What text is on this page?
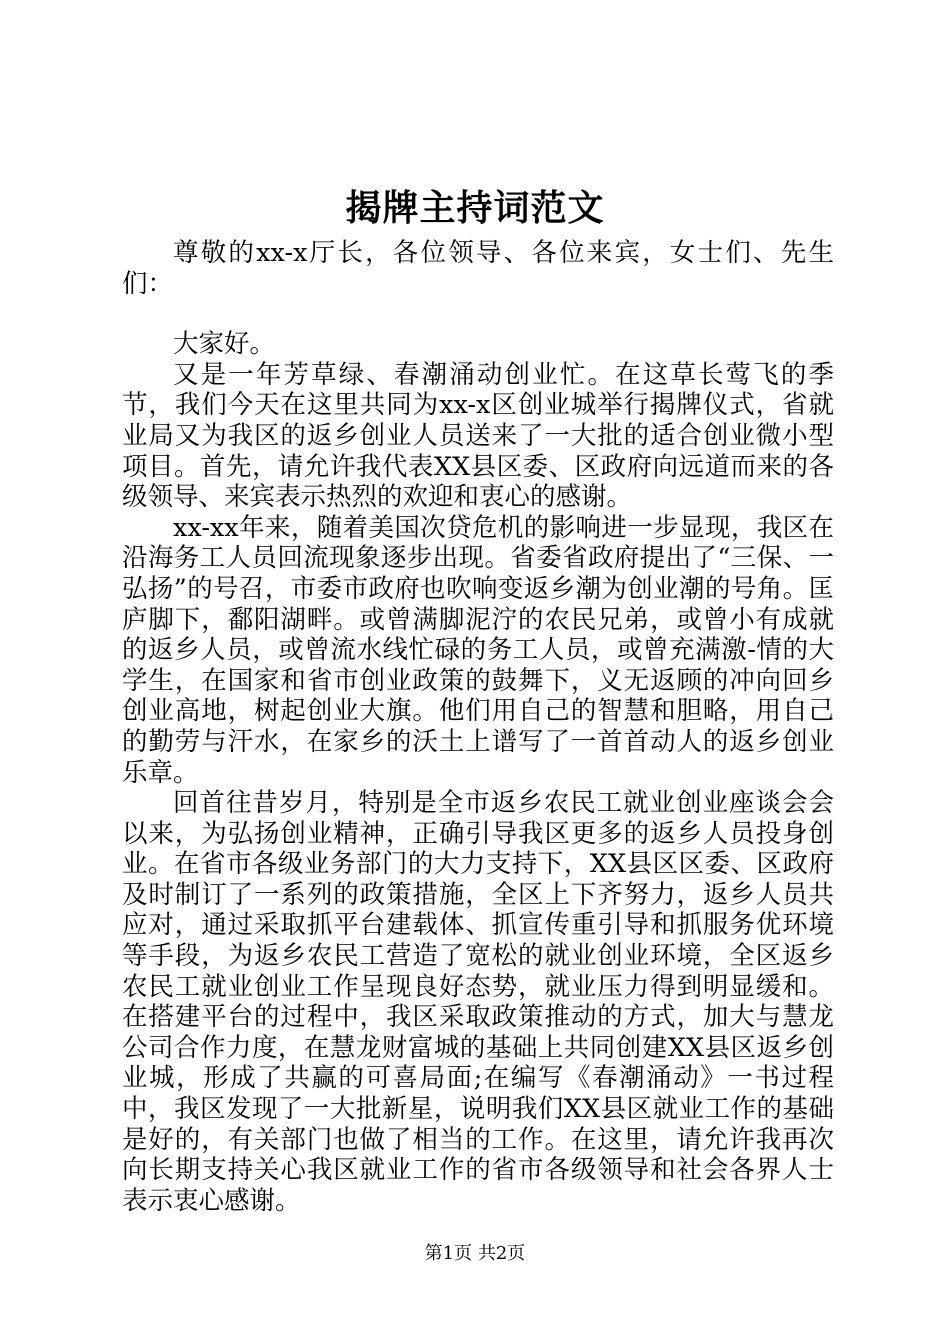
揭牌主持词范文

尊敬的xx-x厅长，各位领导、各位来宾，女士们、先生们：

大家好。

又是一年芳草绿、春潮涌动创业忙。在这草长莺飞的季节，我们今天在这里共同为xx-x区创业城举行揭牌仪式，省就业局又为我区的返乡创业人员送来了一大批的适合创业微小型项目。首先，请允许我代表XX县区委、区政府向远道而来的各级领导、来宾表示热烈的欢迎和衷心的感谢。

xx-xx年来，随着美国次贷危机的影响进一步显现，我区在沿海务工人员回流现象逐步出现。省委省政府提出了“三保、一弘扬”的号召，市委市政府也吹响变返乡潮为创业潮的号角。匡庐脚下，鄱阳湖畔。或曾满脚泥泞的农民兄弟，或曾小有成就的返乡人员，或曾流水线忙碌的务工人员，或曾充满激-情的大学生，在国家和省市创业政策的鼓舞下，义无返顾的冲向回乡创业高地，树起创业大旗。他们用自己的智慧和胆略，用自己的勤劳与汗水，在家乡的沃土上谱写了一首首动人的返乡创业乐章。

回首往昔岁月，特别是全市返乡农民工就业创业座谈会会以来，为弘扬创业精神，正确引导我区更多的返乡人员投身创业。在省市各级业务部门的大力支持下，XX县区区委、区政府及时制订了一系列的政策措施，全区上下齐努力，返乡人员共应对，通过采取抓平台建载体、抓宣传重引导和抓服务优环境等手段，为返乡农民工营造了宽松的就业创业环境，全区返乡农民工就业创业工作呈现良好态势，就业压力得到明显缓和。在搭建平台的过程中，我区采取政策推动的方式，加大与慧龙公司合作力度，在慧龙财富城的基础上共同创建XX县区返乡创业城，形成了共赢的可喜局面;在编写《春潮涌动》一书过程中，我区发现了一大批新星，说明我们XX县区就业工作的基础是好的，有关部门也做了相当的工作。在这里，请允许我再次向长期支持关心我区就业工作的省市各级领导和社会各界人士表示衷心感谢。

第1页 共2页
